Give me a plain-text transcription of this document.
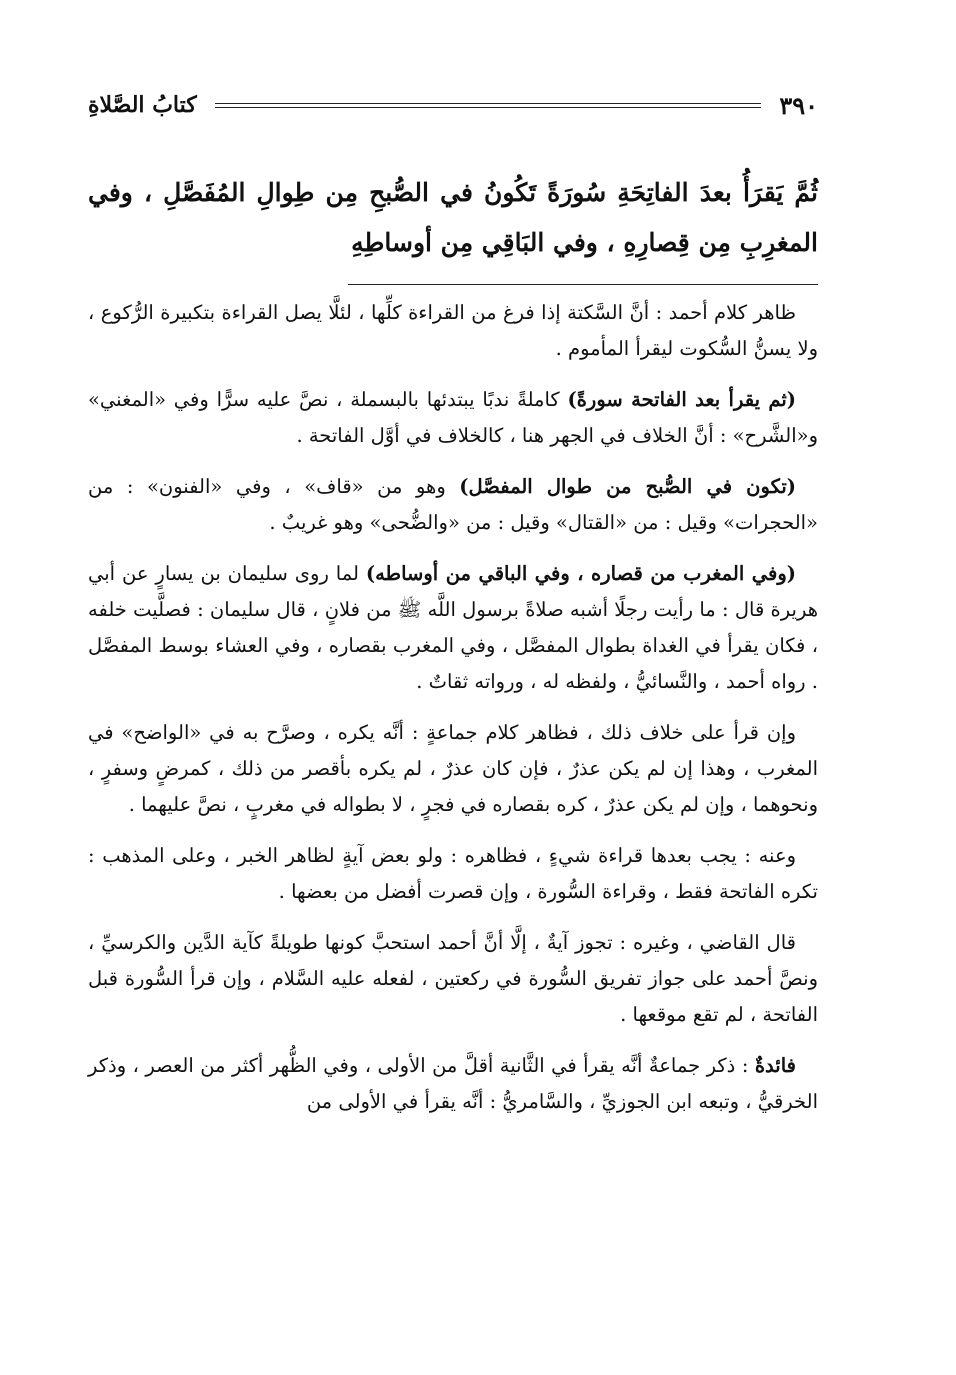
٣٩٠
كتابُ الصَّلاةِ
ثُمَّ يَقرَأُ بعدَ الفاتِحَةِ سُورَةً تَكُونُ في الصُّبحِ مِن طِوالِ المُفَصَّلِ ، وفي المغرِبِ مِن قِصارِهِ ، وفي البَاقِي مِن أوساطِهِ

ظاهر كلام أحمد : أنَّ السَّكتة إذا فرغ من القراءة كلِّها ، لئلَّا يصل القراءة بتكبيرة الرُّكوع ، ولا يسنُّ السُّكوت ليقرأ المأموم .

(ثم يقرأ بعد الفاتحة سورةً) كاملةً ندبًا يبتدئها بالبسملة ، نصَّ عليه سرًّا وفي «المغني» و«الشَّرح» : أنَّ الخلاف في الجهر هنا ، كالخلاف في أوَّل الفاتحة .

(تكون في الصُّبح من طوال المفصَّل) وهو من «قاف» ، وفي «الفنون» : من «الحجرات» وقيل : من «القتال» وقيل : من «والضُّحى» وهو غريبٌ .

(وفي المغرب من قصاره ، وفي الباقي من أوساطه) لما روى سليمان بن يسارٍ عن أبي هريرة قال : ما رأيت رجلًا أشبه صلاةً برسول اللَّه ﷺ من فلانٍ ، قال سليمان : فصلَّيت خلفه ، فكان يقرأ في الغداة بطوال المفصَّل ، وفي المغرب بقصاره ، وفي العشاء بوسط المفصَّل . رواه أحمد ، والنَّسائيُّ ، ولفظه له ، ورواته ثقاتٌ .

وإن قرأ على خلاف ذلك ، فظاهر كلام جماعةٍ : أنَّه يكره ، وصرَّح به في «الواضح» في المغرب ، وهذا إن لم يكن عذرٌ ، فإن كان عذرٌ ، لم يكره بأقصر من ذلك ، كمرضٍ وسفرٍ ، ونحوهما ، وإن لم يكن عذرٌ ، كره بقصاره في فجرٍ ، لا بطواله في مغربٍ ، نصَّ عليهما .

وعنه : يجب بعدها قراءة شيءٍ ، فظاهره : ولو بعض آيةٍ لظاهر الخبر ، وعلى المذهب : تكره الفاتحة فقط ، وقراءة السُّورة ، وإن قصرت أفضل من بعضها .

قال القاضي ، وغيره : تجوز آيةٌ ، إلَّا أنَّ أحمد استحبَّ كونها طويلةً كآية الدَّين والكرسيِّ ، ونصَّ أحمد على جواز تفريق السُّورة في ركعتين ، لفعله عليه السَّلام ، وإن قرأ السُّورة قبل الفاتحة ، لم تقع موقعها .

فائدةٌ : ذكر جماعةٌ أنَّه يقرأ في الثَّانية أقلَّ من الأولى ، وفي الظُّهر أكثر من العصر ، وذكر الخرقيُّ ، وتبعه ابن الجوزيِّ ، والسَّامريُّ : أنَّه يقرأ في الأولى من
